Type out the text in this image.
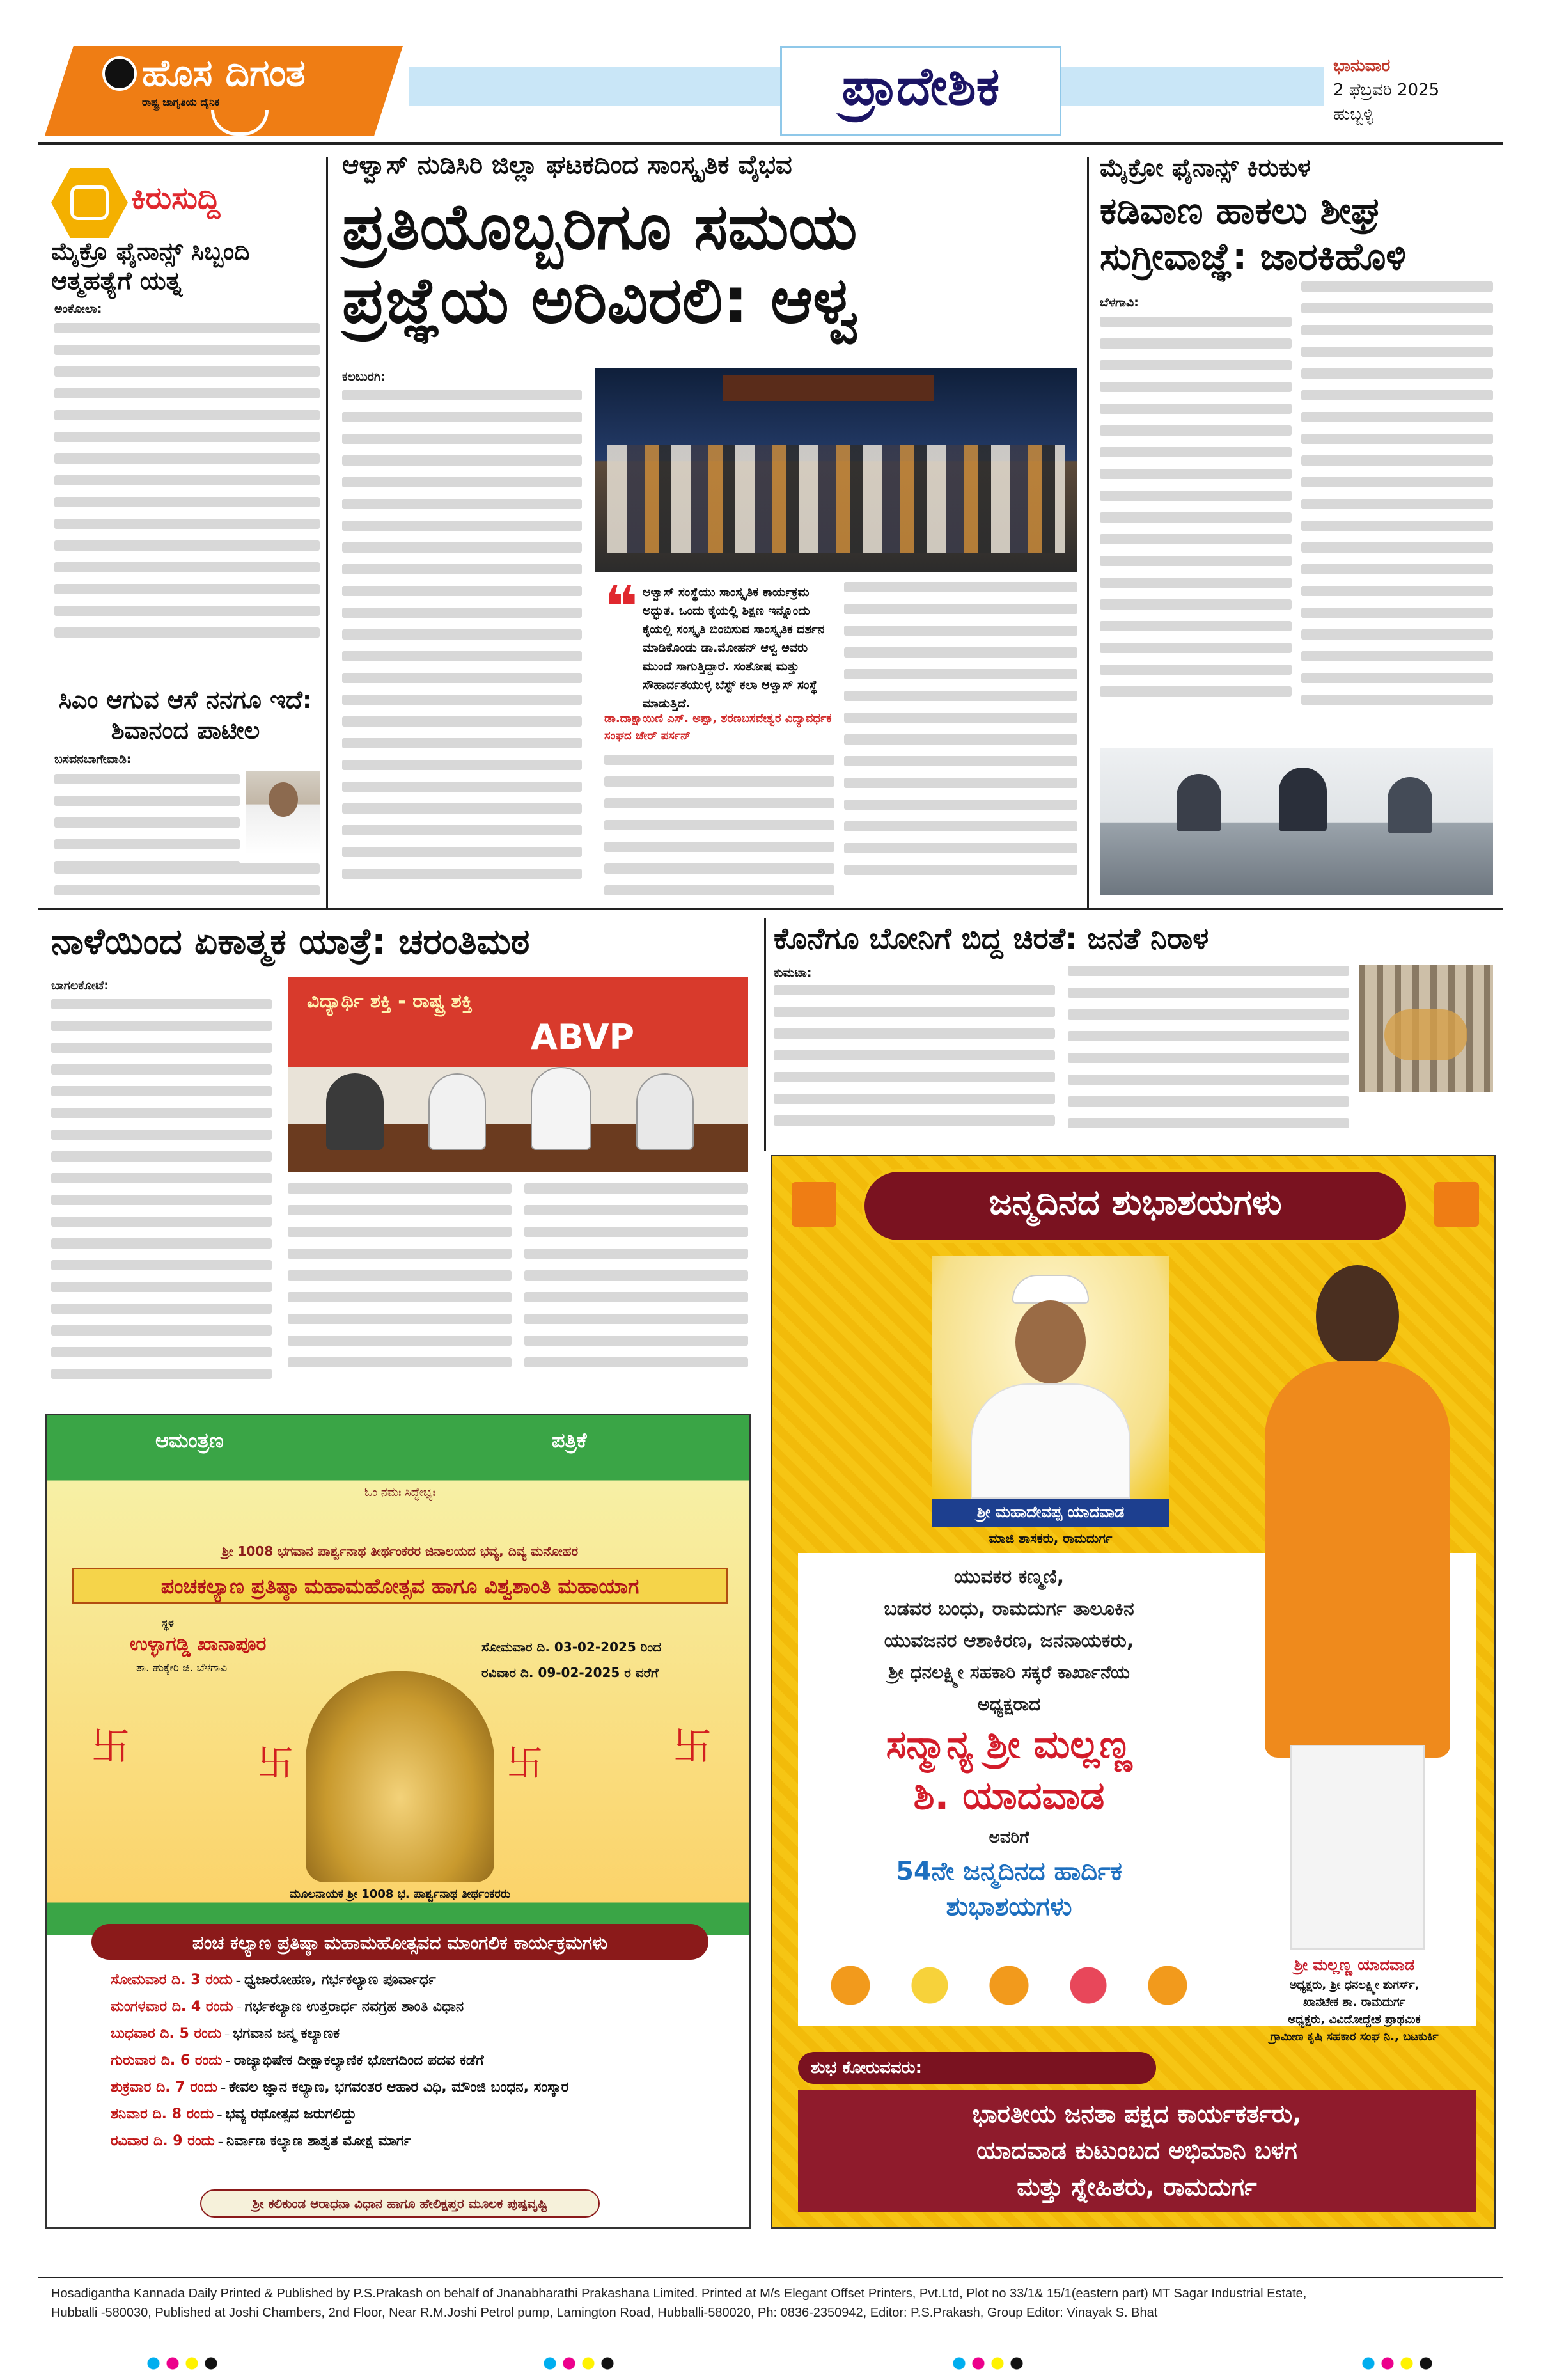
ಹೊಸ ದಿಗಂತ
ರಾಷ್ಟ್ರ ಜಾಗೃತಿಯ ದೈನಿಕ	ಪ್ರಾದೇಶಿಕ	ಭಾನುವಾರ
2 ಫೆಬ್ರವರಿ 2025
ಹುಬ್ಬಳ್ಳಿ
ಕಿರುಸುದ್ದಿ
ಮೈಕ್ರೊ ಫೈನಾನ್ಸ್ ಸಿಬ್ಬಂದಿ ಆತ್ಮಹತ್ಯೆಗೆ ಯತ್ನ
ಅಂಕೋಲಾ:
ಸಿಎಂ ಆಗುವ ಆಸೆ ನನಗೂ ಇದೆ: ಶಿವಾನಂದ ಪಾಟೀಲ
ಬಸವನಬಾಗೇವಾಡಿ:
ಆಳ್ವಾಸ್ ನುಡಿಸಿರಿ ಜಿಲ್ಲಾ ಘಟಕದಿಂದ ಸಾಂಸ್ಕೃತಿಕ ವೈಭವ
ಪ್ರತಿಯೊಬ್ಬರಿಗೂ ಸಮಯ
ಪ್ರಜ್ಞೆಯ ಅರಿವಿರಲಿ: ಆಳ್ವ
ಕಲಬುರಗಿ:
❝ ಆಳ್ವಾಸ್ ಸಂಸ್ಥೆಯು ಸಾಂಸ್ಕೃತಿಕ ಕಾರ್ಯಕ್ರಮ ಅದ್ಭುತ. ಒಂದು ಕೈಯಲ್ಲಿ ಶಿಕ್ಷಣ ಇನ್ನೊಂದು ಕೈಯಲ್ಲಿ ಸಂಸ್ಕೃತಿ ಬಿಂಬಿಸುವ ಸಾಂಸ್ಕೃತಿಕ ದರ್ಶನ ಮಾಡಿಕೊಂಡು ಡಾ.ಮೋಹನ್ ಆಳ್ವ ಅವರು ಮುಂದೆ ಸಾಗುತ್ತಿದ್ದಾರೆ. ಸಂತೋಷ ಮತ್ತು ಸೌಹಾರ್ದತೆಯುಳ್ಳ ಬೆಸ್ಟ್ ಕಲಾ ಆಳ್ವಾಸ್ ಸಂಸ್ಥೆ ಮಾಡುತ್ತಿದೆ.
ಡಾ.ದಾಕ್ಷಾಯಿಣಿ ಎಸ್. ಅಪ್ಪಾ, ಶರಣಬಸವೇಶ್ವರ ವಿದ್ಯಾವರ್ಧಕ ಸಂಘದ ಚೇರ್ ಪರ್ಸನ್
ಮೈಕ್ರೋ ಫೈನಾನ್ಸ್ ಕಿರುಕುಳ
ಕಡಿವಾಣ ಹಾಕಲು ಶೀಘ್ರ
ಸುಗ್ರೀವಾಜ್ಞೆ: ಜಾರಕಿಹೊಳಿ
ಬೆಳಗಾವಿ:
ನಾಳೆಯಿಂದ ಏಕಾತ್ಮಕ ಯಾತ್ರೆ: ಚರಂತಿಮಠ
ಬಾಗಲಕೋಟೆ:
ವಿದ್ಯಾರ್ಥಿ ಶಕ್ತಿ - ರಾಷ್ಟ್ರ ಶಕ್ತಿ
ABVP
ಕೊನೆಗೂ ಬೋನಿಗೆ ಬಿದ್ದ ಚಿರತೆ: ಜನತೆ ನಿರಾಳ
ಕುಮಟಾ:
ಆಮಂತ್ರಣ	ಪತ್ರಿಕೆ
ಓಂ ನಮಃ ಸಿದ್ಧೇಭ್ಯಃ
ಶ್ರೀ 1008 ಭಗವಾನ ಪಾರ್ಶ್ವನಾಥ ತೀರ್ಥಂಕರರ ಜಿನಾಲಯದ ಭವ್ಯ, ದಿವ್ಯ ಮನೋಹರ
ಪಂಚಕಲ್ಯಾಣ ಪ್ರತಿಷ್ಠಾ ಮಹಾಮಹೋತ್ಸವ ಹಾಗೂ ವಿಶ್ವಶಾಂತಿ ಮಹಾಯಾಗ
ಸ್ಥಳ
ಉಳ್ಳಾಗಡ್ಡಿ ಖಾನಾಪೂರ
ತಾ. ಹುಕ್ಕೇರಿ ಜಿ. ಬೆಳಗಾವಿ
ಸೋಮವಾರ ದಿ. 03-02-2025 ರಿಂದ
ರವಿವಾರ ದಿ. 09-02-2025 ರ ವರೆಗೆ
卐	卐	卐	卐
ಮೂಲನಾಯಕ ಶ್ರೀ 1008 ಭ. ಪಾರ್ಶ್ವನಾಥ ತೀರ್ಥಂಕರರು
ಪಂಚ ಕಲ್ಯಾಣ ಪ್ರತಿಷ್ಠಾ ಮಹಾಮಹೋತ್ಸವದ ಮಾಂಗಲಿಕ ಕಾರ್ಯಕ್ರಮಗಳು
ಸೋಮವಾರ ದಿ. 3 ರಂದು – ಧ್ವಜಾರೋಹಣ, ಗರ್ಭಕಲ್ಯಾಣ ಪೂರ್ವಾರ್ಧ
ಮಂಗಳವಾರ ದಿ. 4 ರಂದು – ಗರ್ಭಕಲ್ಯಾಣ ಉತ್ತರಾರ್ಧ ನವಗ್ರಹ ಶಾಂತಿ ವಿಧಾನ
ಬುಧವಾರ ದಿ. 5 ರಂದು – ಭಗವಾನ ಜನ್ಮ ಕಲ್ಯಾಣಕ
ಗುರುವಾರ ದಿ. 6 ರಂದು – ರಾಜ್ಯಾಭಿಷೇಕ ದೀಕ್ಷಾಕಲ್ಯಾಣಿಕ ಭೋಗದಿಂದ ಪದವ ಕಡೆಗೆ
ಶುಕ್ರವಾರ ದಿ. 7 ರಂದು – ಕೇವಲ ಜ್ಞಾನ ಕಲ್ಯಾಣ, ಭಗವಂತರ ಆಹಾರ ವಿಧಿ, ಮೌಂಜಿ ಬಂಧನ, ಸಂಸ್ಕಾರ
ಶನಿವಾರ ದಿ. 8 ರಂದು – ಭವ್ಯ ರಥೋತ್ಸವ ಜರುಗಲಿದ್ದು
ರವಿವಾರ ದಿ. 9 ರಂದು – ನಿರ್ವಾಣ ಕಲ್ಯಾಣ ಶಾಶ್ವತ ಮೋಕ್ಷ ಮಾರ್ಗ
ಶ್ರೀ ಕಲಿಕುಂಡ ಆರಾಧನಾ ವಿಧಾನ ಹಾಗೂ ಹೇಲಿಕ್ಷಪ್ತರ ಮೂಲಕ ಪುಷ್ಪವೃಷ್ಟಿ
ಜನ್ಮದಿನದ ಶುಭಾಶಯಗಳು
ಶ್ರೀ ಮಹಾದೇವಪ್ಪ ಯಾದವಾಡ
ಮಾಜಿ ಶಾಸಕರು, ರಾಮದುರ್ಗ
ಯುವಕರ ಕಣ್ಮಣಿ,
ಬಡವರ ಬಂಧು, ರಾಮದುರ್ಗ ತಾಲೂಕಿನ
ಯುವಜನರ ಆಶಾಕಿರಣ, ಜನನಾಯಕರು,
ಶ್ರೀ ಧನಲಕ್ಷ್ಮೀ ಸಹಕಾರಿ ಸಕ್ಕರೆ ಕಾರ್ಖಾನೆಯ
ಅಧ್ಯಕ್ಷರಾದ
ಸನ್ಮಾನ್ಯ ಶ್ರೀ ಮಲ್ಲಣ್ಣ
ಶಿ. ಯಾದವಾಡ
ಅವರಿಗೆ
54ನೇ ಜನ್ಮದಿನದ ಹಾರ್ದಿಕ
ಶುಭಾಶಯಗಳು
ಶ್ರೀ ಮಲ್ಲಣ್ಣ ಯಾದವಾಡ
ಅಧ್ಯಕ್ಷರು, ಶ್ರೀ ಧನಲಕ್ಷ್ಮೀ ಶುಗರ್ಸ್,
ಖಾನಟೇಕ ಶಾ. ರಾಮದುರ್ಗ
ಅಧ್ಯಕ್ಷರು, ವಿವಿದೋದ್ದೇಶ ಪ್ರಾಥಮಿಕ
ಗ್ರಾಮೀಣ ಕೃಷಿ ಸಹಕಾರ ಸಂಘ ನಿ., ಬಟಕುರ್ಕಿ
ಶುಭ ಕೋರುವವರು:
ಭಾರತೀಯ ಜನತಾ ಪಕ್ಷದ ಕಾರ್ಯಕರ್ತರು,
ಯಾದವಾಡ ಕುಟುಂಬದ ಅಭಿಮಾನಿ ಬಳಗ
ಮತ್ತು ಸ್ನೇಹಿತರು, ರಾಮದುರ್ಗ
Hosadigantha Kannada Daily Printed & Published by P.S.Prakash on behalf of Jnanabharathi Prakashana Limited. Printed at M/s Elegant Offset Printers, Pvt.Ltd, Plot no 33/1& 15/1(eastern part) MT Sagar Industrial Estate,
Hubballi -580030, Published at Joshi Chambers, 2nd Floor, Near R.M.Joshi Petrol pump, Lamington Road, Hubballi-580020, Ph: 0836-2350942, Editor: P.S.Prakash, Group Editor: Vinayak S. Bhat
